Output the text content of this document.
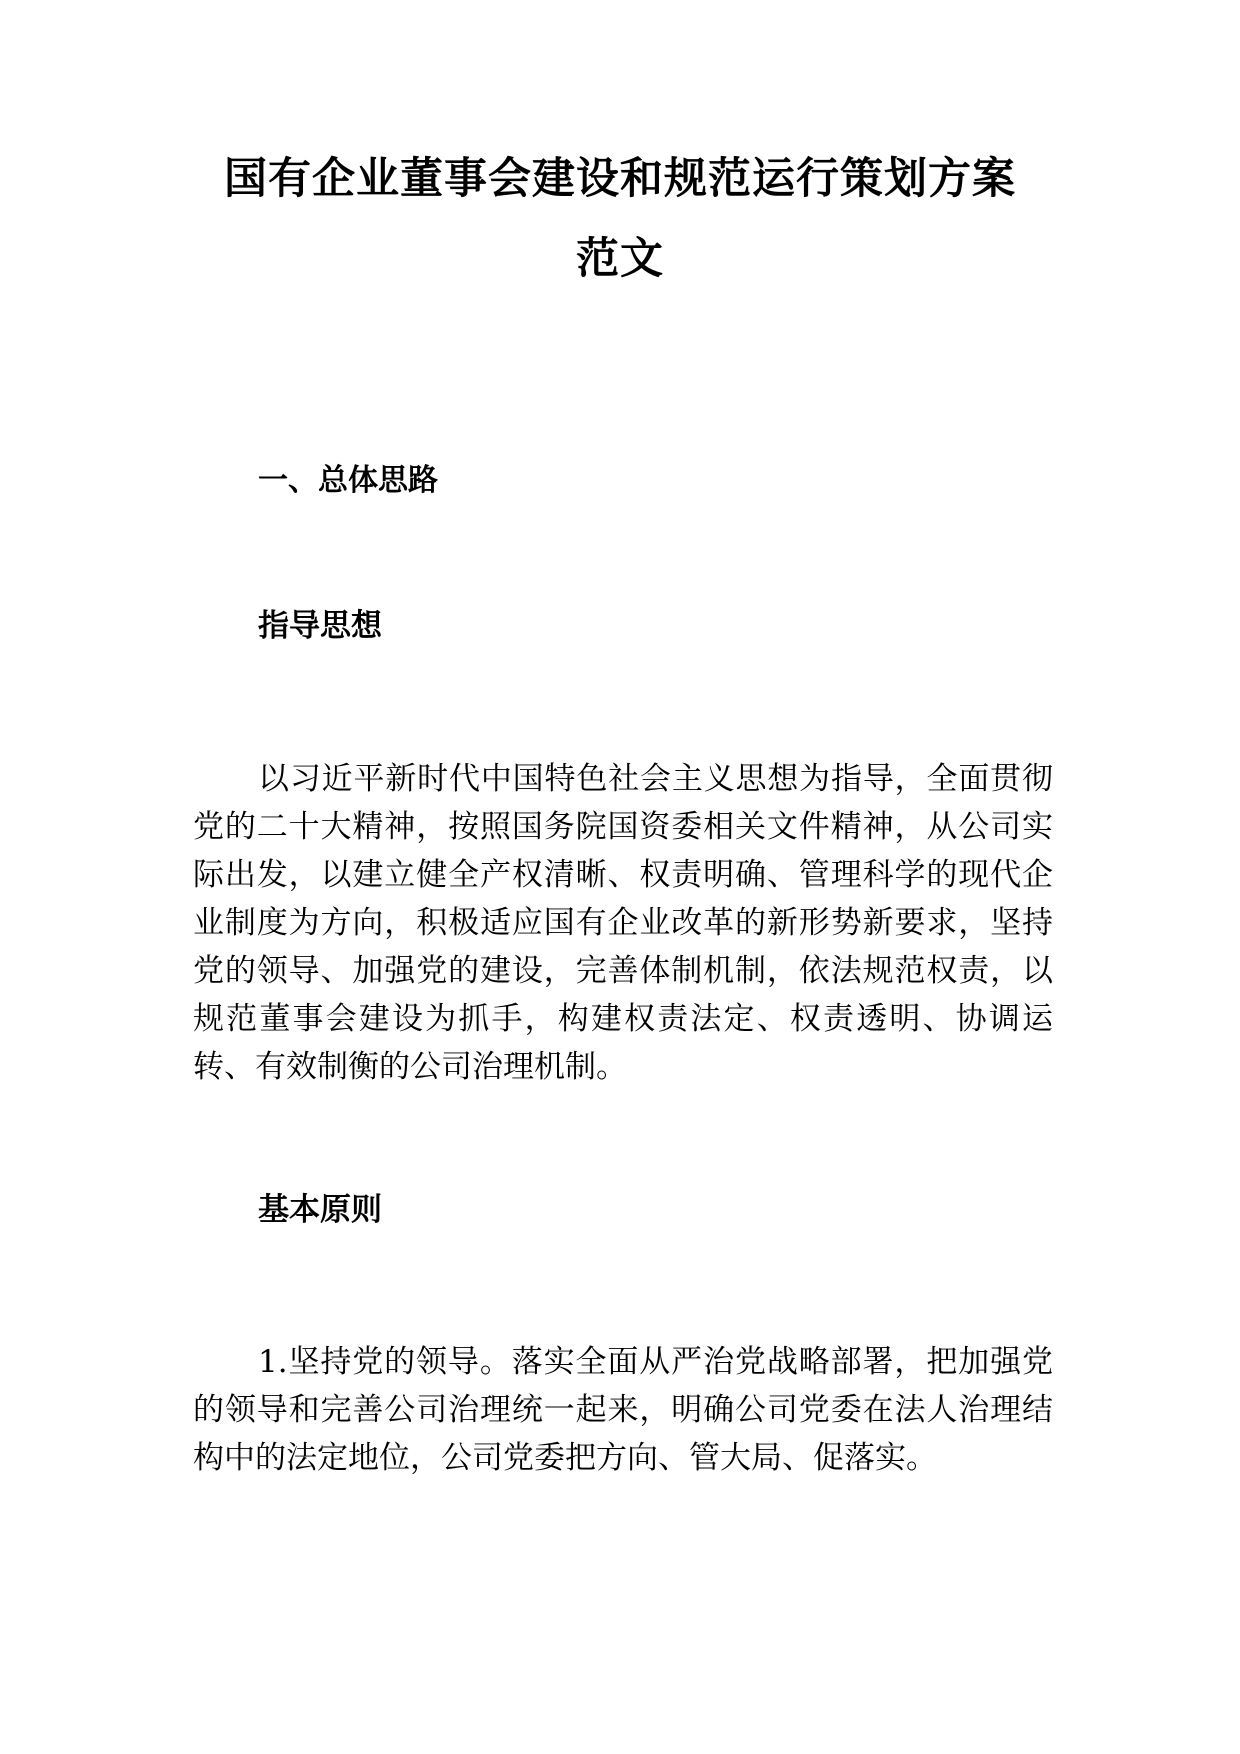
国有企业董事会建设和规范运行策划方案
范文
一、总体思路
指导思想

以习近平新时代中国特色社会主义思想为指导，全面贯彻党的二十大精神，按照国务院国资委相关文件精神，从公司实际出发，以建立健全产权清晰、权责明确、管理科学的现代企业制度为方向，积极适应国有企业改革的新形势新要求，坚持党的领导、加强党的建设，完善体制机制，依法规范权责，以规范董事会建设为抓手，构建权责法定、权责透明、协调运转、有效制衡的公司治理机制。

基本原则

1.坚持党的领导。落实全面从严治党战略部署，把加强党的领导和完善公司治理统一起来，明确公司党委在法人治理结构中的法定地位，公司党委把方向、管大局、促落实。
